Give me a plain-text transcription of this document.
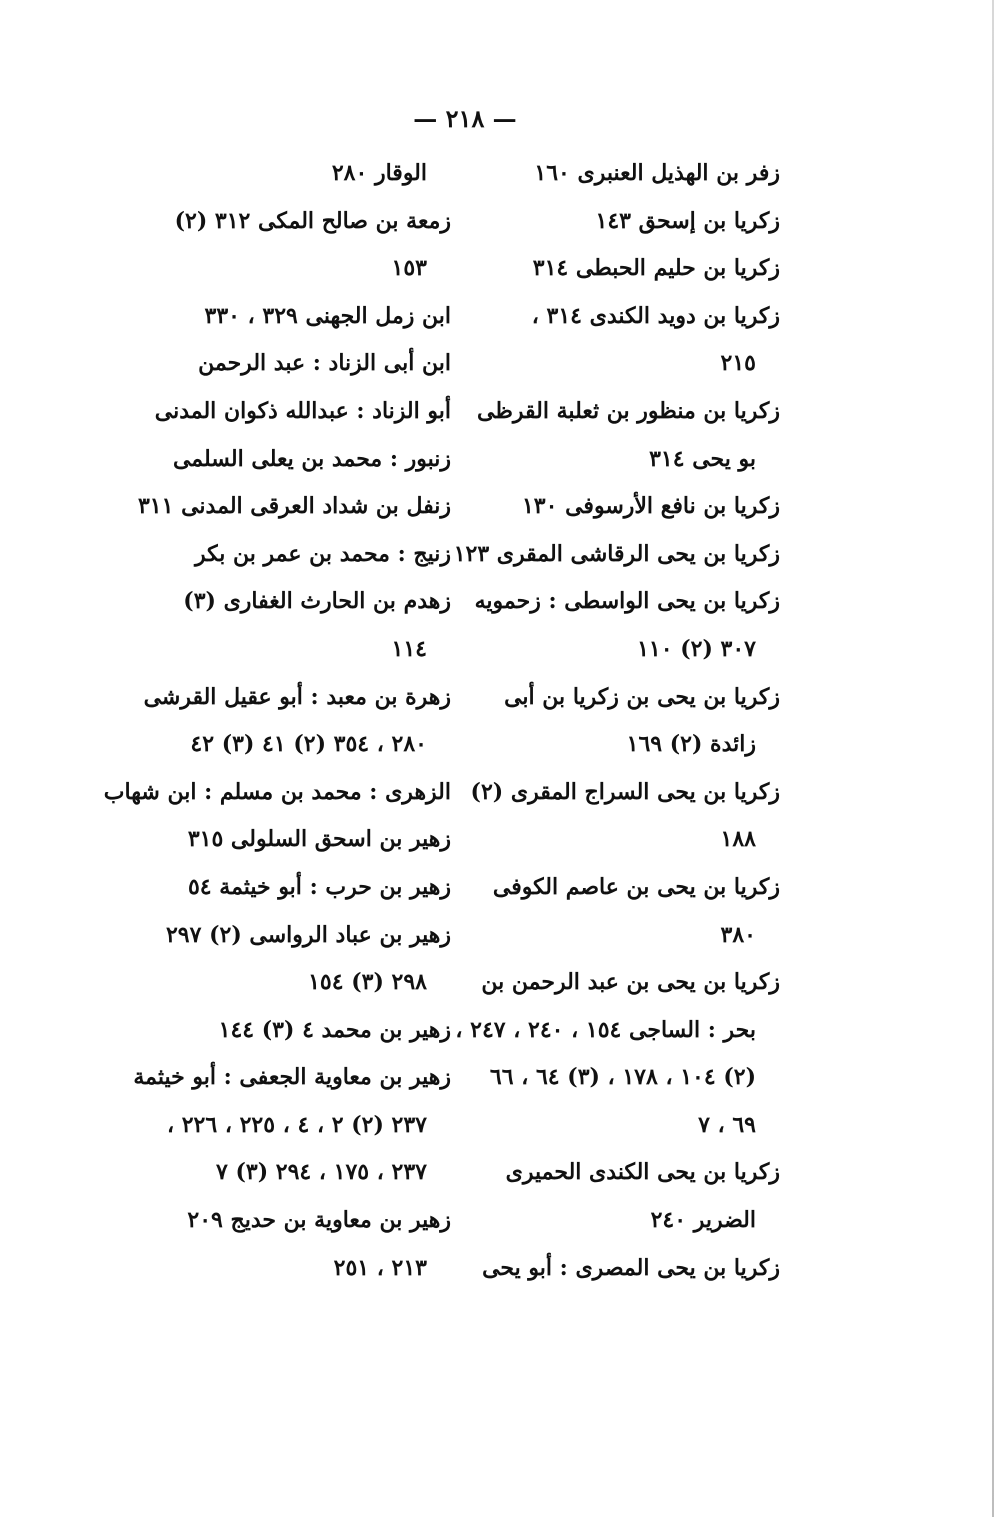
— ٢١٨ —
زفر بن الهذيل العنبرى ١٦٠
زكريا بن إسحق ١٤٣
زكريا بن حليم الحبطى ٣١٤
زكريا بن دويد الكندى ٣١٤ ،
٢١٥
زكريا بن منظور بن ثعلبة القرظى
بو يحى ٣١٤
زكريا بن نافع الأرسوفى ١٣٠
زكريا بن يحى الرقاشى المقرى ١٢٣
زكريا بن يحى الواسطى : زحمويه
٣٠٧ (٢) ١١٠
زكريا بن يحى بن زكريا بن أبى
زائدة (٢) ١٦٩
زكريا بن يحى السراج المقرى (٢)
١٨٨
زكريا بن يحى بن عاصم الكوفى
٣٨٠
زكريا بن يحى بن عبد الرحمن بن
بحر : الساجى ١٥٤ ، ٢٤٠ ، ٢٤٧ ،
(٢) ١٠٤ ، ١٧٨ ، (٣) ٦٤ ، ٦٦
٦٩ ، ٧
زكريا بن يحى الكندى الحميرى
الضرير ٢٤٠
زكريا بن يحى المصرى : أبو يحى
الوقار ٢٨٠
زمعة بن صالح المكى ٣١٢ (٢)
١٥٣
ابن زمل الجهنى ٣٢٩ ، ٣٣٠
ابن أبى الزناد : عبد الرحمن
أبو الزناد : عبدالله ذكوان المدنى
زنبور : محمد بن يعلى السلمى
زنفل بن شداد العرقى المدنى ٣١١
زنيج : محمد بن عمر بن بكر
زهدم بن الحارث الغفارى (٣)
١١٤
زهرة بن معبد : أبو عقيل القرشى
٢٨٠ ، ٣٥٤ (٢) ٤١ (٣) ٤٢
الزهرى : محمد بن مسلم : ابن شهاب
زهير بن اسحق السلولى ٣١٥
زهير بن حرب : أبو خيثمة ٥٤
زهير بن عباد الرواسى (٢) ٢٩٧
٢٩٨ (٣) ١٥٤
زهير بن محمد ٤ (٣) ١٤٤
زهير بن معاوية الجعفى : أبو خيثمة
٢٣٧ (٢) ٢ ، ٤ ، ٢٢٥ ، ٢٢٦ ،
٢٣٧ ، ١٧٥ ، ٢٩٤ (٣) ٧
زهير بن معاوية بن حديج ٢٠٩
٢١٣ ، ٢٥١
